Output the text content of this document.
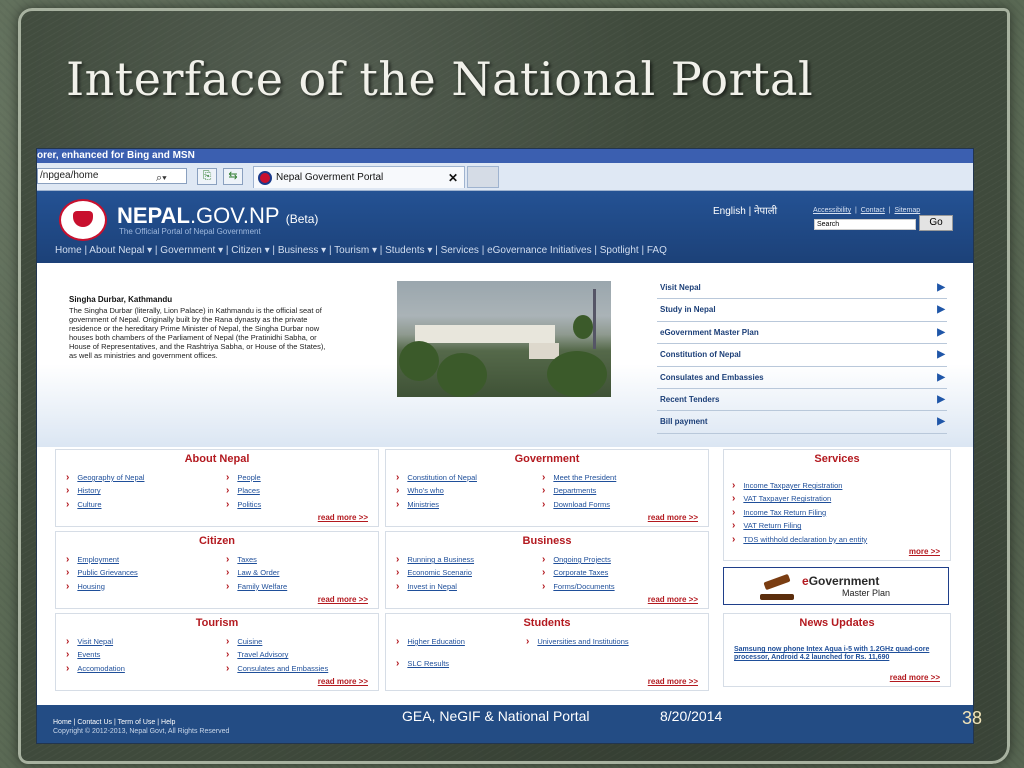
Interface of the National Portal
orer, enhanced for Bing and MSN
/npgea/home	⌕▾	⎘	⇆	Nepal Goverment Portal	✕
NEPAL.GOV.NP (Beta)
The Official Portal of Nepal Government
English | नेपाली	Accessibility  |  Contact  |  Sitemap
Search	Go
Home | About Nepal ▾ | Government ▾ | Citizen ▾ | Business ▾ | Tourism ▾ | Students ▾ | Services | eGovernance Initiatives | Spotlight | FAQ
Singha Durbar, Kathmandu
The Singha Durbar (literally, Lion Palace) in Kathmandu is the official seat of government of Nepal. Originally built by the Rana dynasty as the private residence or the hereditary Prime Minister of Nepal, the Singha Durbar now houses both chambers of the Parliament of Nepal (the Pratinidhi Sabha, or House of Representatives, and the Rashtriya Sabha, or House of the States), as well as ministries and government offices.
Visit Nepal	▶
Study in Nepal	▶
eGovernment Master Plan	▶
Constitution of Nepal	▶
Consulates and Embassies	▶
Recent Tenders	▶
Bill payment	▶
About Nepal
› Geography of Nepal
› History
› Culture
› People
› Places
› Politics
read more >>
Government
› Constitution of Nepal
› Who's who
› Ministries
› Meet the President
› Departments
› Download Forms
read more >>
Services
› Income Taxpayer Registration
› VAT Taxpayer Registration
› Income Tax Return Filing
› VAT Return Filing
› TDS withhold declaration by an entity
more >>
Citizen
› Employment
› Public Grievances
› Housing
› Taxes
› Law & Order
› Family Welfare
read more >>
Business
› Running a Business
› Economic Scenario
› Invest in Nepal
› Ongoing Projects
› Corporate Taxes
› Forms/Documents
read more >>
eGovernment
Master Plan
Tourism
› Visit Nepal
› Events
› Accomodation
› Cuisine
› Travel Advisory
› Consulates and Embassies
read more >>
Students
› Higher Education
› SLC Results
› Universities and Institutions
read more >>
News Updates
Samsung now phone Intex Aqua i-5 with 1.2GHz quad-core processor, Android 4.2 launched for Rs. 11,690
read more >>
Home | Contact Us | Term of Use | Help
Copyright © 2012-2013, Nepal Govt, All Rights Reserved
GEA, NeGIF & National Portal	8/20/2014	38
